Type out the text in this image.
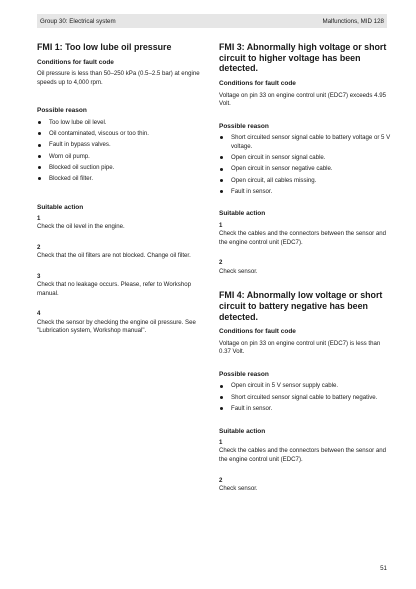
Group 30: Electrical system	Malfunctions, MID 128
FMI 1: Too low lube oil pressure
Conditions for fault code

Oil pressure is less than 50–250 kPa (0.5–2.5 bar) at engine speeds up to 4,000 rpm.

Possible reason
Too low lube oil level.
Oil contaminated, viscous or too thin.
Fault in bypass valves.
Worn oil pump.
Blocked oil suction pipe.
Blocked oil filter.
Suitable action
1

Check the oil level in the engine.

2

Check that the oil filters are not blocked. Change oil filter.

3

Check that no leakage occurs. Please, refer to Workshop manual.

4

Check the sensor by checking the engine oil pressure. See "Lubrication system, Workshop manual".

FMI 3: Abnormally high voltage or short circuit to higher voltage has been detected.
Conditions for fault code

Voltage on pin 33 on engine control unit (EDC7) exceeds 4.95 Volt.

Possible reason
Short circuited sensor signal cable to battery voltage or 5 V voltage.
Open circuit in sensor signal cable.
Open circuit in sensor negative cable.
Open circuit, all cables missing.
Fault in sensor.
Suitable action
1

Check the cables and the connectors between the sensor and the engine control unit (EDC7).

2

Check sensor.

FMI 4: Abnormally low voltage or short circuit to battery negative has been detected.
Conditions for fault code

Voltage on pin 33 on engine control unit (EDC7) is less than 0.37 Volt.

Possible reason
Open circuit in 5 V sensor supply cable.
Short circuited sensor signal cable to battery negative.
Fault in sensor.
Suitable action
1

Check the cables and the connectors between the sensor and the engine control unit (EDC7).

2

Check sensor.

51
